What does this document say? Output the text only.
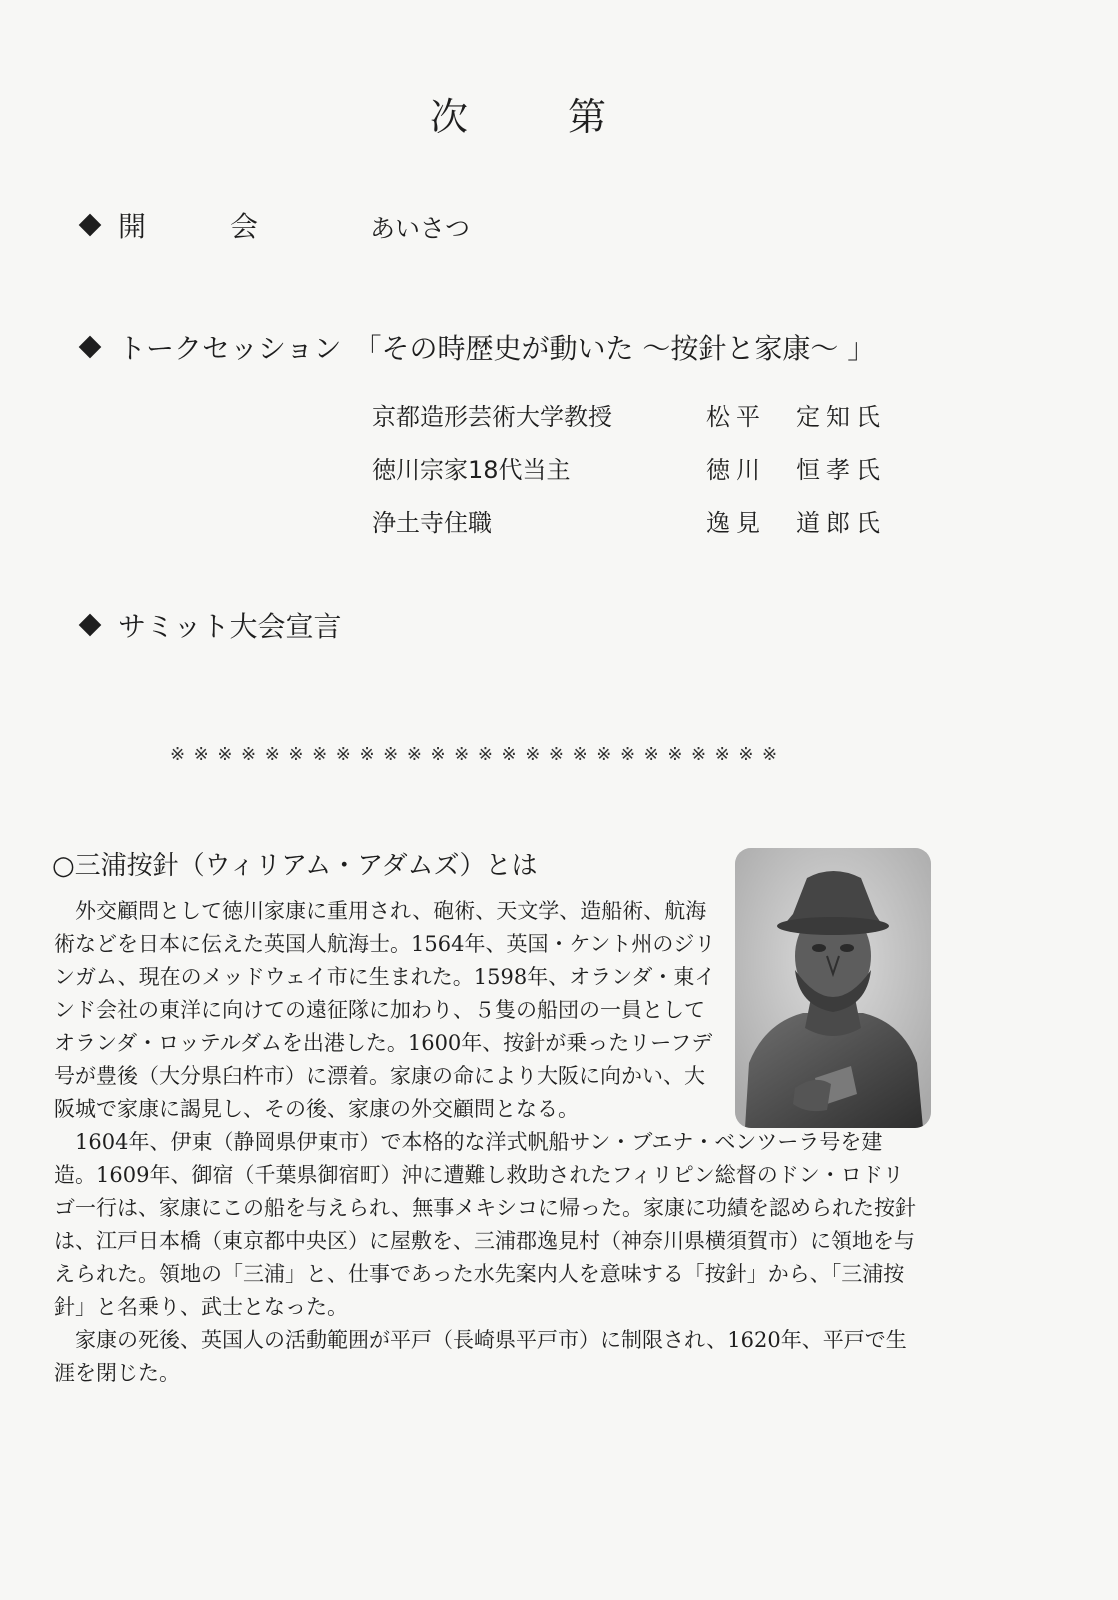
次	第
開会 あいさつ
トークセッション 「その時歴史が動いた 〜按針と家康〜 」
京都造形芸術大学教授	松平　定知氏
徳川宗家18代当主	徳川　恒孝氏
浄土寺住職	逸見　道郎氏
サミット大会宣言
※※※※※※※※※※※※※※※※※※※※※※※※※※
○三浦按針（ウィリアム・アダムズ）とは

外交顧問として徳川家康に重用され、砲術、天文学、造船術、航海術などを日本に伝えた英国人航海士。1564年、英国・ケント州のジリンガム、現在のメッドウェイ市に生まれた。1598年、オランダ・東インド会社の東洋に向けての遠征隊に加わり、５隻の船団の一員としてオランダ・ロッテルダムを出港した。1600年、按針が乗ったリーフデ号が豊後（大分県臼杵市）に漂着。家康の命により大阪に向かい、大阪城で家康に謁見し、その後、家康の外交顧問となる。

1604年、伊東（静岡県伊東市）で本格的な洋式帆船サン・ブエナ・ベンツーラ号を建造。1609年、御宿（千葉県御宿町）沖に遭難し救助されたフィリピン総督のドン・ロドリゴ一行は、家康にこの船を与えられ、無事メキシコに帰った。家康に功績を認められた按針は、江戸日本橋（東京都中央区）に屋敷を、三浦郡逸見村（神奈川県横須賀市）に領地を与えられた。領地の「三浦」と、仕事であった水先案内人を意味する「按針」から、「三浦按針」と名乗り、武士となった。

家康の死後、英国人の活動範囲が平戸（長崎県平戸市）に制限され、1620年、平戸で生涯を閉じた。
